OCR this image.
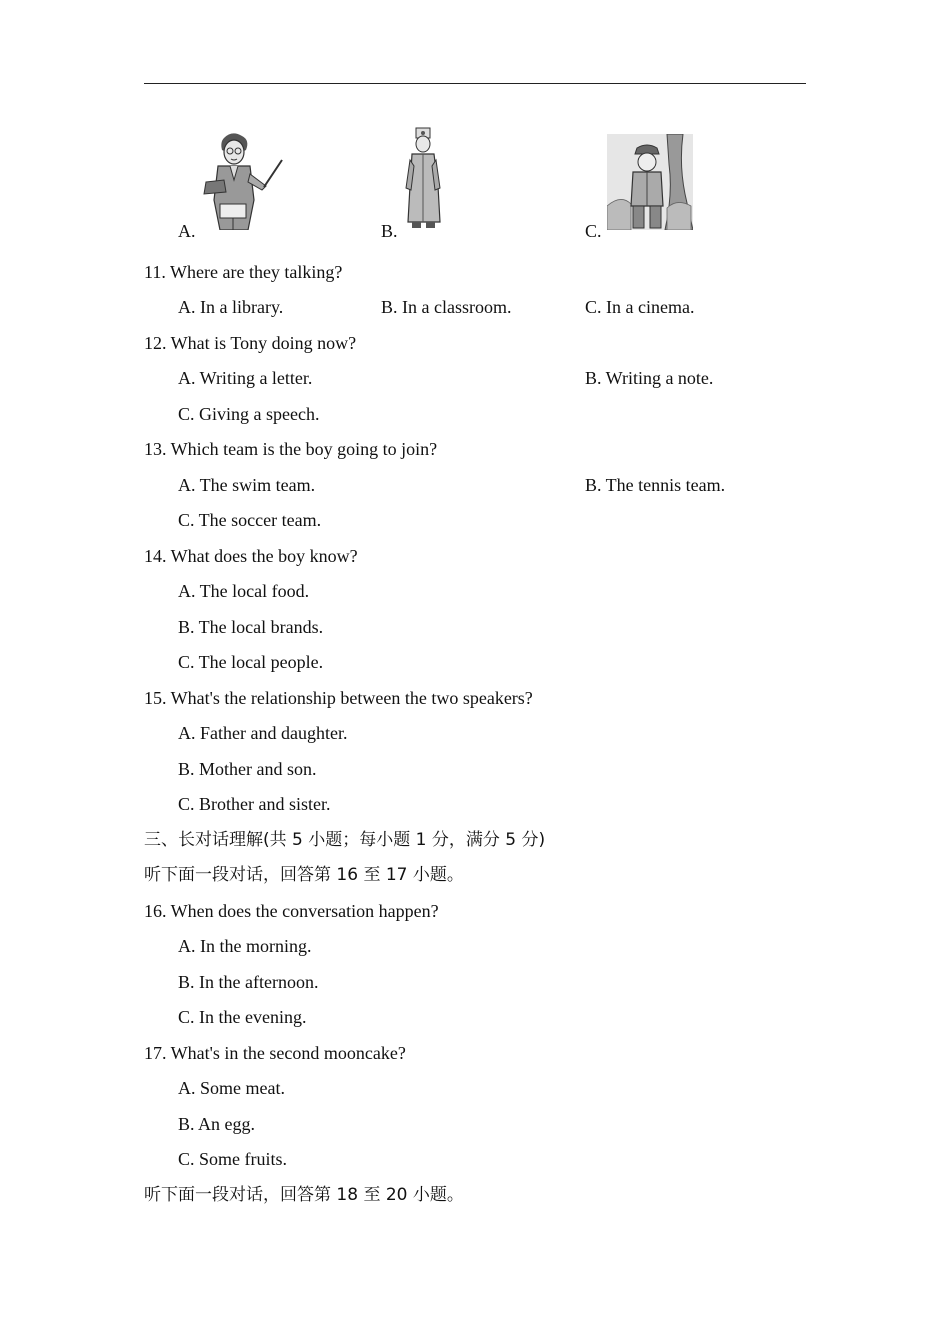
A.	B.	C.
11. Where are they talking?
A. In a library.	B. In a classroom.	C. In a cinema.
12. What is Tony doing now?
A. Writing a letter.	B. Writing a note.
C. Giving a speech.
13. Which team is the boy going to join?
A. The swim team.	B. The tennis team.
C. The soccer team.
14. What does the boy know?
A. The local food.
B. The local brands.
C. The local people.
15. What's the relationship between the two speakers?
A. Father and daughter.
B. Mother and son.
C. Brother and sister.
三、长对话理解(共 5 小题；每小题 1 分，满分 5 分)
听下面一段对话，回答第 16 至 17 小题。
16. When does the conversation happen?
A. In the morning.
B. In the afternoon.
C. In the evening.
17. What's in the second mooncake?
A. Some meat.
B. An egg.
C. Some fruits.
听下面一段对话，回答第 18 至 20 小题。
